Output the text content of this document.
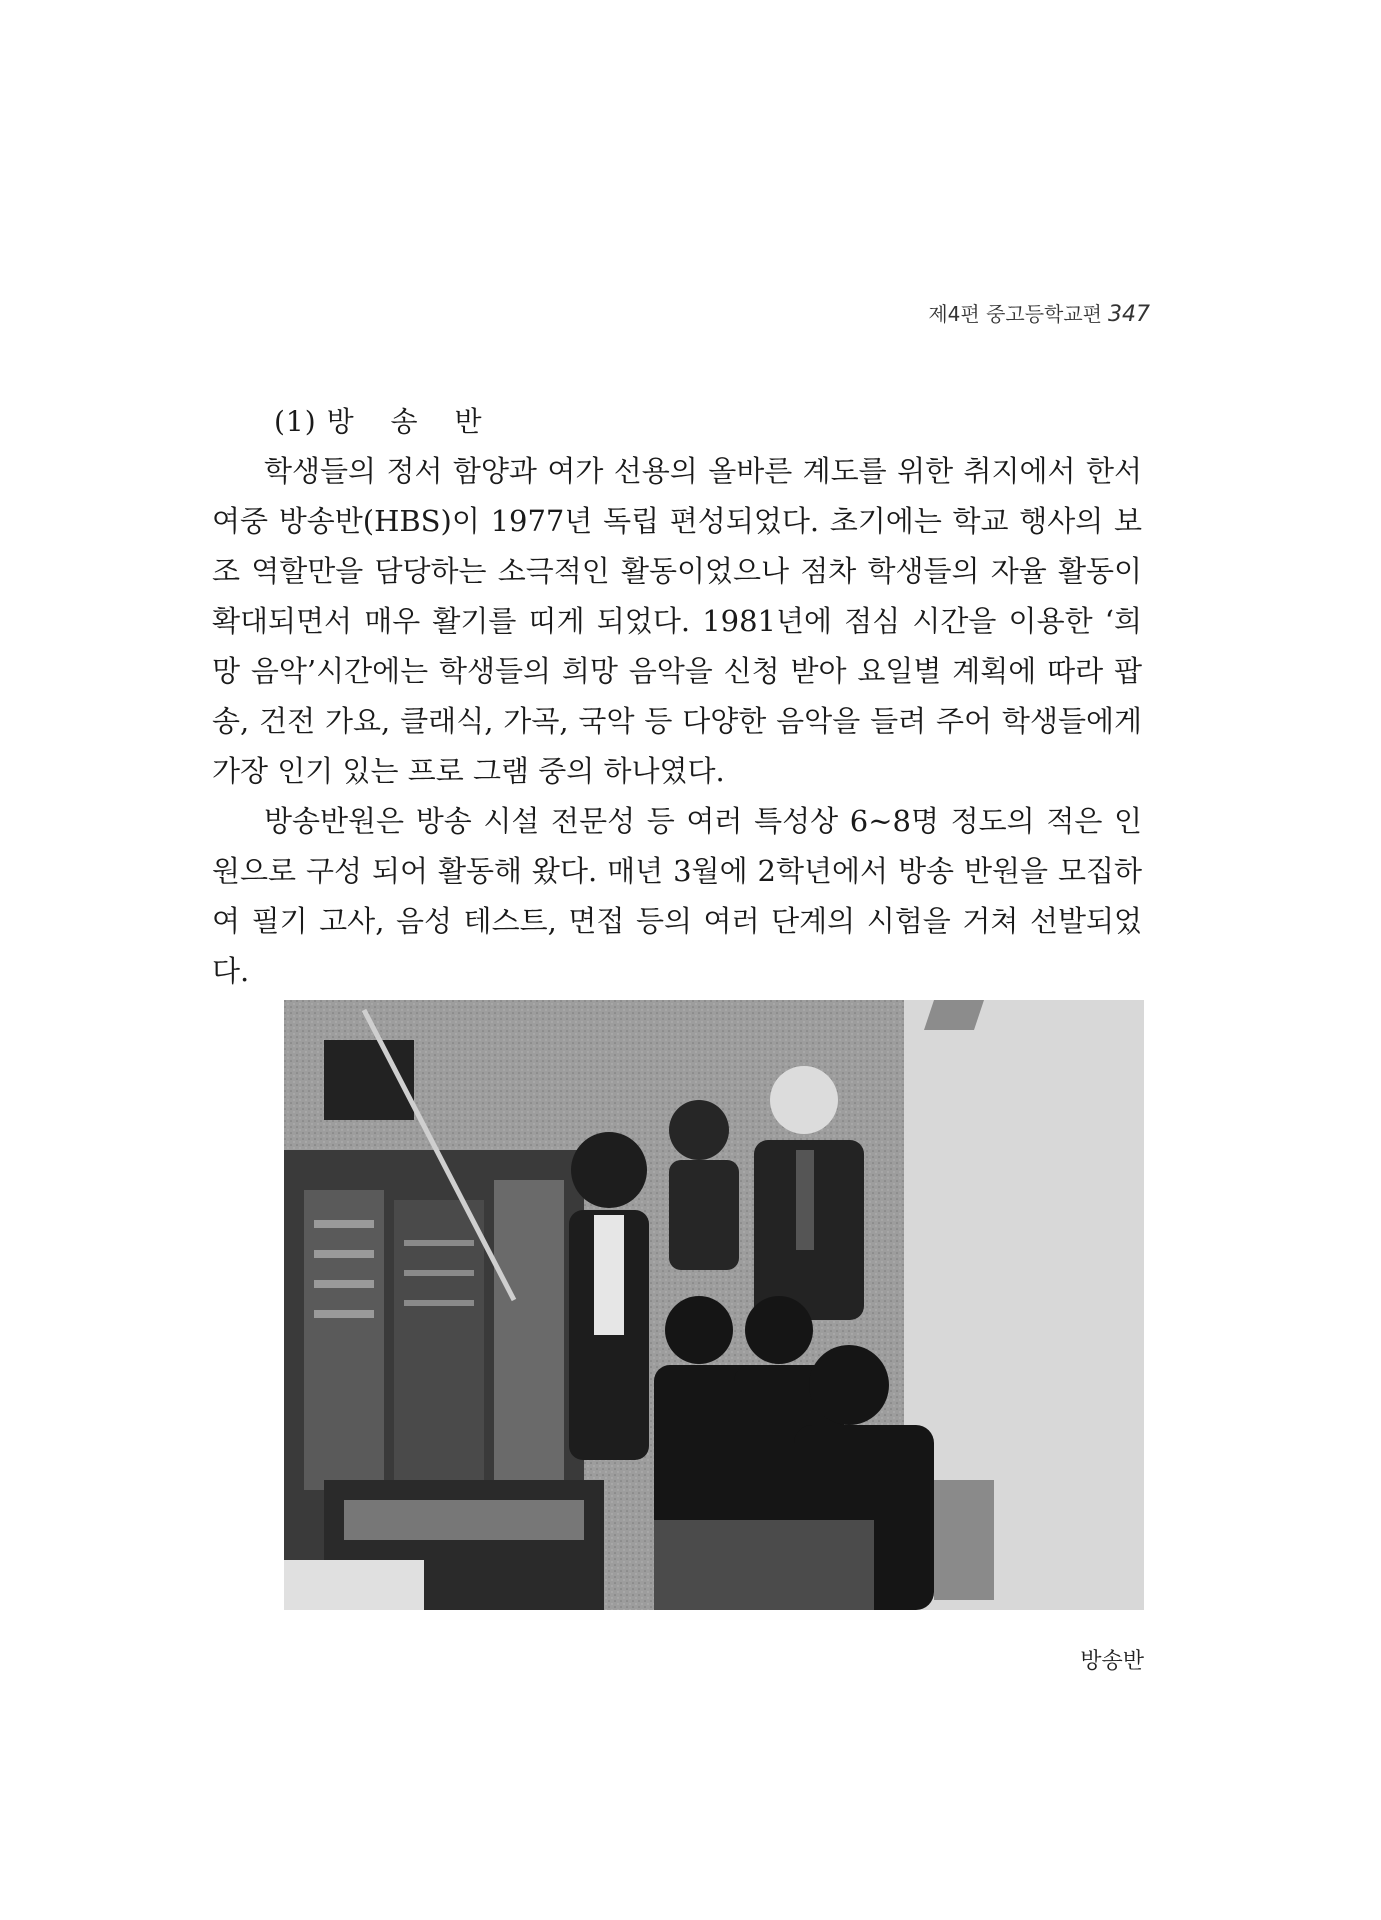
제4편 중고등학교편 347
(1) 방 송 반

학생들의 정서 함양과 여가 선용의 올바른 계도를 위한 취지에서 한서여중 방송반(HBS)이 1977년 독립 편성되었다. 초기에는 학교 행사의 보조 역할만을 담당하는 소극적인 활동이었으나 점차 학생들의 자율 활동이 확대되면서 매우 활기를 띠게 되었다. 1981년에 점심 시간을 이용한 ‘희망 음악’시간에는 학생들의 희망 음악을 신청 받아 요일별 계획에 따라 팝송, 건전 가요, 클래식, 가곡, 국악 등 다양한 음악을 들려 주어 학생들에게 가장 인기 있는 프로 그램 중의 하나였다.

방송반원은 방송 시설 전문성 등 여러 특성상 6~8명 정도의 적은 인원으로 구성 되어 활동해 왔다. 매년 3월에 2학년에서 방송 반원을 모집하여 필기 고사, 음성 테스트, 면접 등의 여러 단계의 시험을 거쳐 선발되었다.

방송반
